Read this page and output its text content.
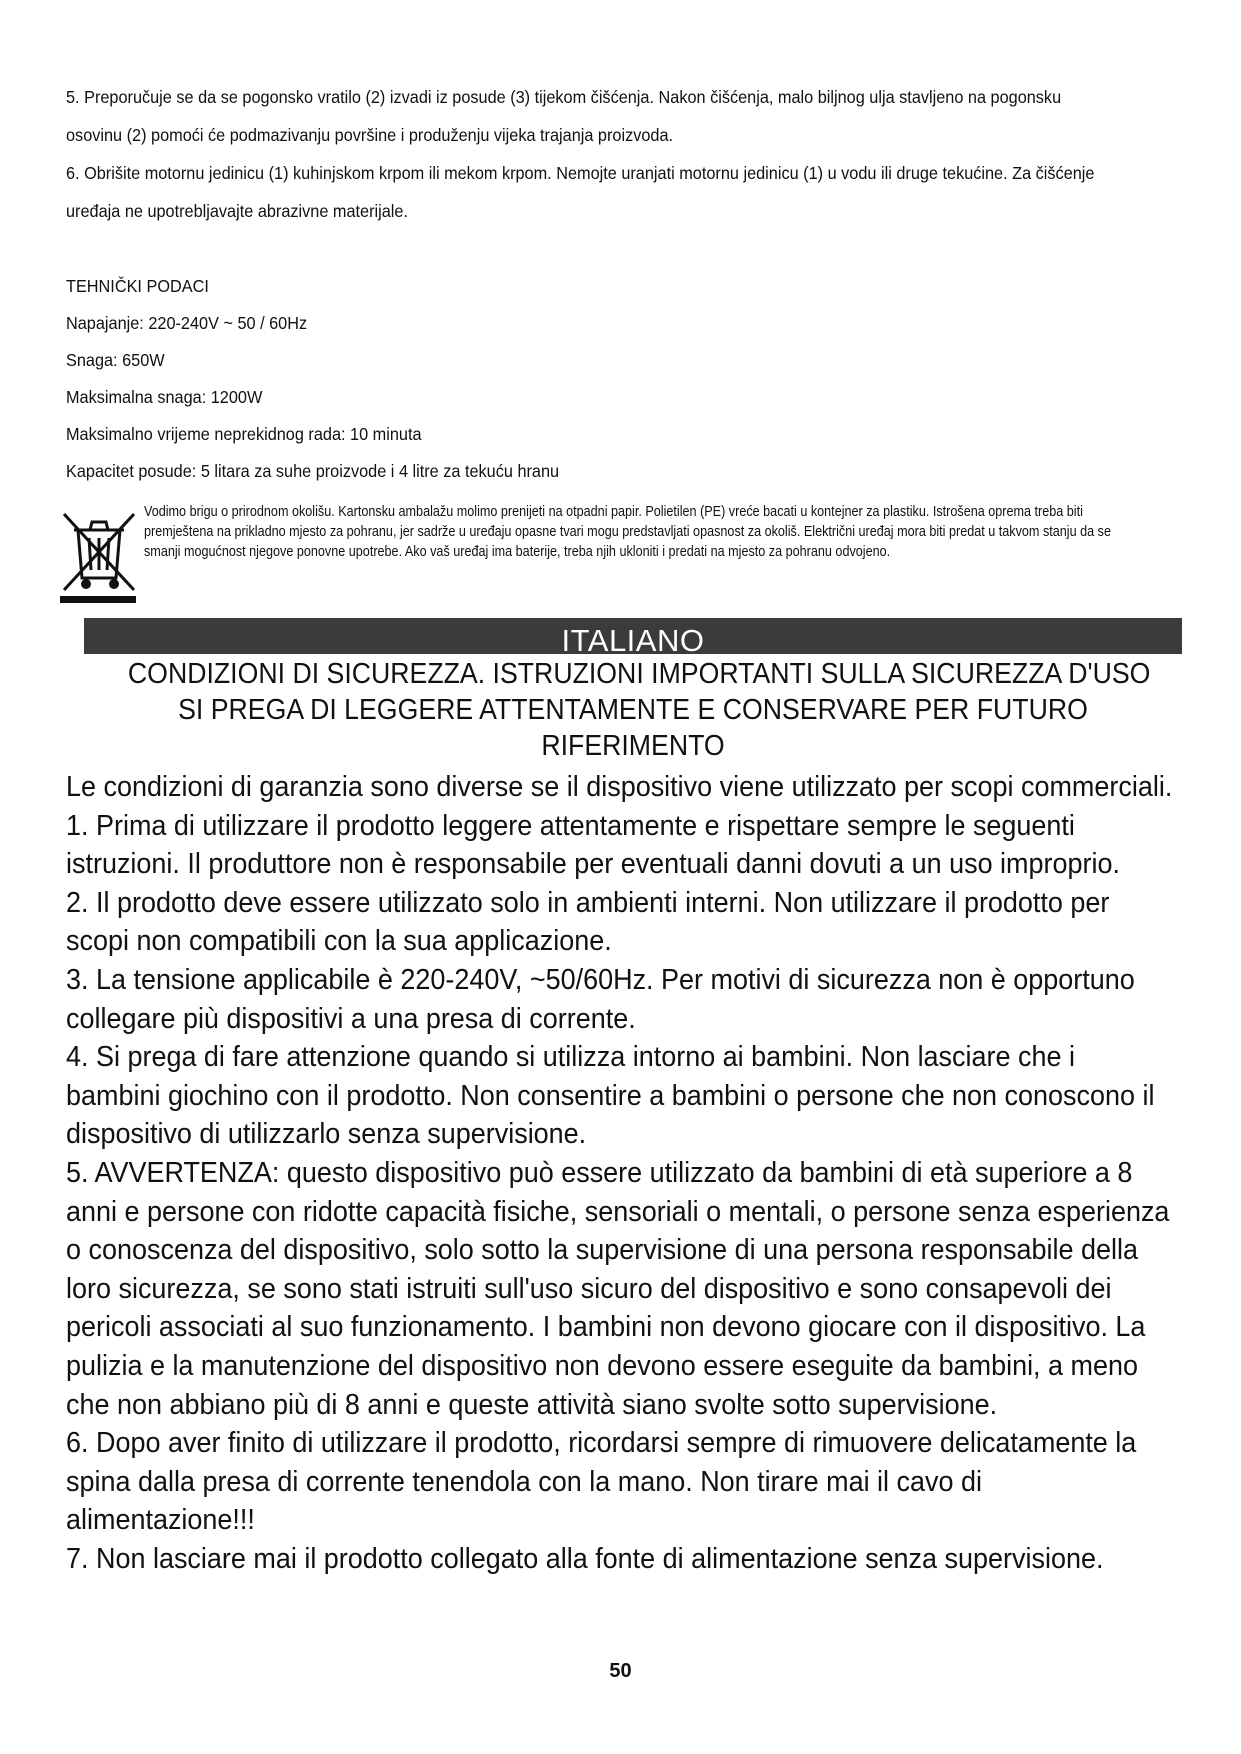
5. Preporučuje se da se pogonsko vratilo (2) izvadi iz posude (3) tijekom čišćenja. Nakon čišćenja, malo biljnog ulja stavljeno na pogonsku osovinu (2) pomoći će podmazivanju površine i produženju vijeka trajanja proizvoda.

6. Obrišite motornu jedinicu (1) kuhinjskom krpom ili mekom krpom. Nemojte uranjati motornu jedinicu (1) u vodu ili druge tekućine. Za čišćenje uređaja ne upotrebljavajte abrazivne materijale.

TEHNIČKI PODACI
Napajanje: 220-240V ~ 50 / 60Hz
Snaga: 650W
Maksimalna snaga: 1200W
Maksimalno vrijeme neprekidnog rada: 10 minuta
Kapacitet posude: 5 litara za suhe proizvode i 4 litre za tekuću hranu
Vodimo brigu o prirodnom okolišu. Kartonsku ambalažu molimo prenijeti na otpadni papir. Polietilen (PE) vreće bacati u kontejner za plastiku. Istrošena oprema treba biti premještena na prikladno mjesto za pohranu, jer sadrže u uređaju opasne tvari mogu predstavljati opasnost za okoliš. Električni uređaj mora biti predat u takvom stanju da se smanji mogućnost njegove ponovne upotrebe. Ako vaš uređaj ima baterije, treba njih ukloniti i predati na mjesto za pohranu odvojeno.
ITALIANO
CONDIZIONI DI SICUREZZA. ISTRUZIONI IMPORTANTI SULLA SICUREZZA D'USO
SI PREGA DI LEGGERE ATTENTAMENTE E CONSERVARE PER FUTURO
RIFERIMENTO

Le condizioni di garanzia sono diverse se il dispositivo viene utilizzato per scopi commerciali.

1. Prima di utilizzare il prodotto leggere attentamente e rispettare sempre le seguenti istruzioni. Il produttore non è responsabile per eventuali danni dovuti a un uso improprio.

2. Il prodotto deve essere utilizzato solo in ambienti interni. Non utilizzare il prodotto per scopi non compatibili con la sua applicazione.

3. La tensione applicabile è 220-240V, ~50/60Hz. Per motivi di sicurezza non è opportuno collegare più dispositivi a una presa di corrente.

4. Si prega di fare attenzione quando si utilizza intorno ai bambini. Non lasciare che i bambini giochino con il prodotto. Non consentire a bambini o persone che non conoscono il dispositivo di utilizzarlo senza supervisione.

5. AVVERTENZA: questo dispositivo può essere utilizzato da bambini di età superiore a 8 anni e persone con ridotte capacità fisiche, sensoriali o mentali, o persone senza esperienza o conoscenza del dispositivo, solo sotto la supervisione di una persona responsabile della loro sicurezza, se sono stati istruiti sull'uso sicuro del dispositivo e sono consapevoli dei pericoli associati al suo funzionamento. I bambini non devono giocare con il dispositivo. La pulizia e la manutenzione del dispositivo non devono essere eseguite da bambini, a meno che non abbiano più di 8 anni e queste attività siano svolte sotto supervisione.

6. Dopo aver finito di utilizzare il prodotto, ricordarsi sempre di rimuovere delicatamente la spina dalla presa di corrente tenendola con la mano. Non tirare mai il cavo di alimentazione!!!

7. Non lasciare mai il prodotto collegato alla fonte di alimentazione senza supervisione.

50
